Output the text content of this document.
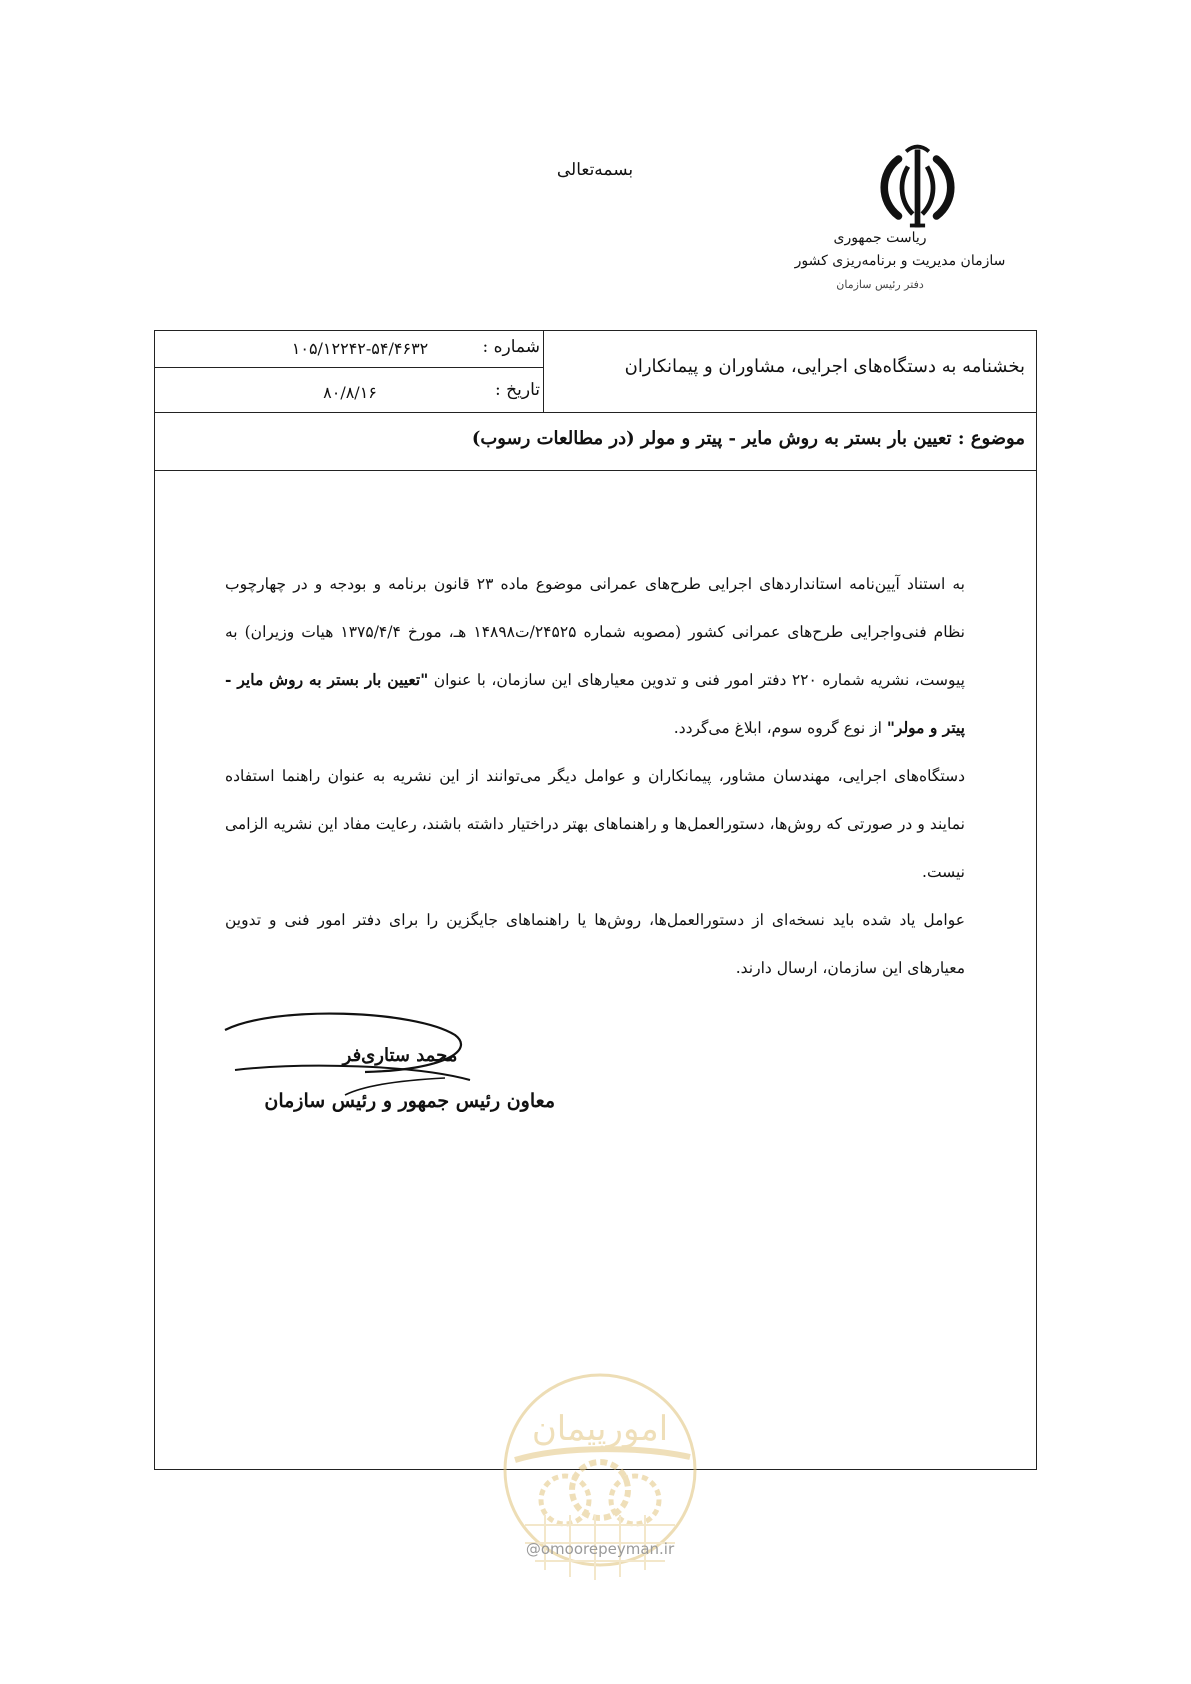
بسمه‌تعالی
ریاست جمهوری
سازمان مدیریت و برنامه‌ریزی کشور
دفتر رئیس سازمان
شماره :
۱۰۵/۱۲۲۴۲-۵۴/۴۶۳۲
تاریخ :
۸۰/۸/۱۶
بخشنامه به دستگاه‌های اجرایی، مشاوران و پیمانکاران
موضوع : تعیین بار بستر به روش مایر - پیتر و مولر (در مطالعات رسوب)

به استناد آیین‌نامه استانداردهای اجرایی طرح‌های عمرانی موضوع ماده ۲۳ قانون برنامه و بودجه و در چهارچوب نظام فنی‌واجرایی طرح‌های عمرانی کشور (مصوبه شماره ۲۴۵۲۵/ت۱۴۸۹۸ هـ، مورخ ۱۳۷۵/۴/۴ هیات وزیران) به پیوست، نشریه شماره ۲۲۰ دفتر امور فنی و تدوین معیارهای این سازمان، با عنوان "تعیین بار بستر به روش مایر - پیتر و مولر" از نوع گروه سوم، ابلاغ می‌گردد.

دستگاه‌های اجرایی، مهندسان مشاور، پیمانکاران و عوامل دیگر می‌توانند از این نشریه به عنوان راهنما استفاده نمایند و در صورتی که روش‌ها، دستورالعمل‌ها و راهنماهای بهتر دراختیار داشته باشند، رعایت مفاد این نشریه الزامی نیست.

عوامل یاد شده باید نسخه‌ای از دستورالعمل‌ها، روش‌ها یا راهنماهای جایگزین را برای دفتر امور فنی و تدوین معیارهای این سازمان، ارسال دارند.

محمد ستاری‌فر
معاون رئیس جمهور و رئیس سازمان
امورپیمان
@omoorepeyman.ir
